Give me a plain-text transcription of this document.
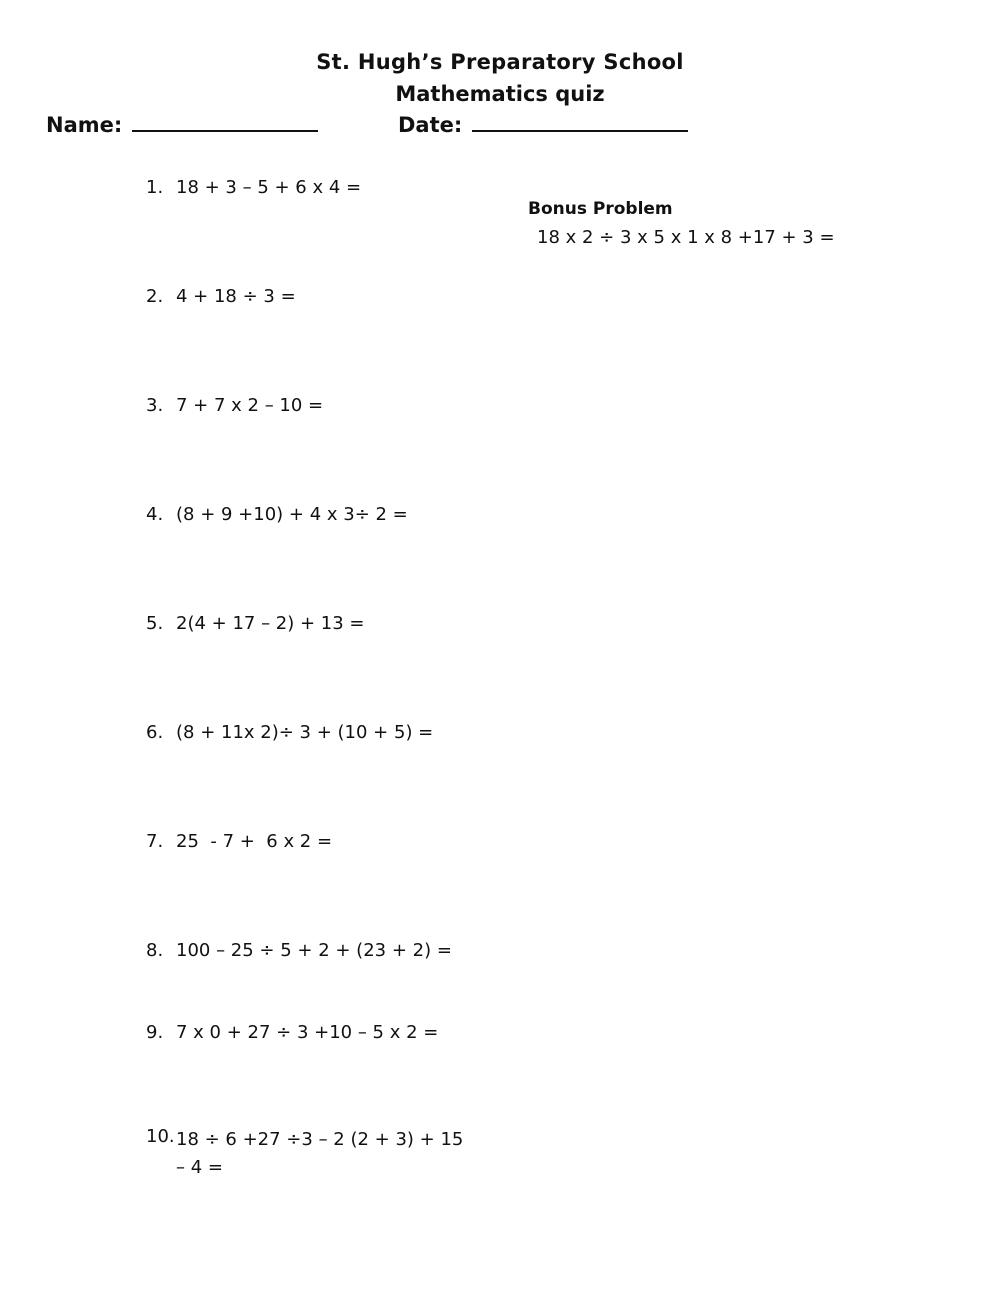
St. Hugh’s Preparatory School
Mathematics quiz
Name:	Date:
Bonus Problem
18 x 2 ÷ 3 x 5 x 1 x 8 +17 + 3 =
1. 18 + 3 – 5 + 6 x 4 =
2. 4 + 18 ÷ 3 =
3. 7 + 7 x 2 – 10 =
4. (8 + 9 +10) + 4 x 3÷ 2 =
5. 2(4 + 17 – 2) + 13 =
6. (8 + 11x 2)÷ 3 + (10 + 5) =
7. 25  - 7 +  6 x 2 =
8. 100 – 25 ÷ 5 + 2 + (23 + 2) =
9. 7 x 0 + 27 ÷ 3 +10 – 5 x 2 =
10.18 ÷ 6 +27 ÷3 – 2 (2 + 3) + 15 – 4 =
